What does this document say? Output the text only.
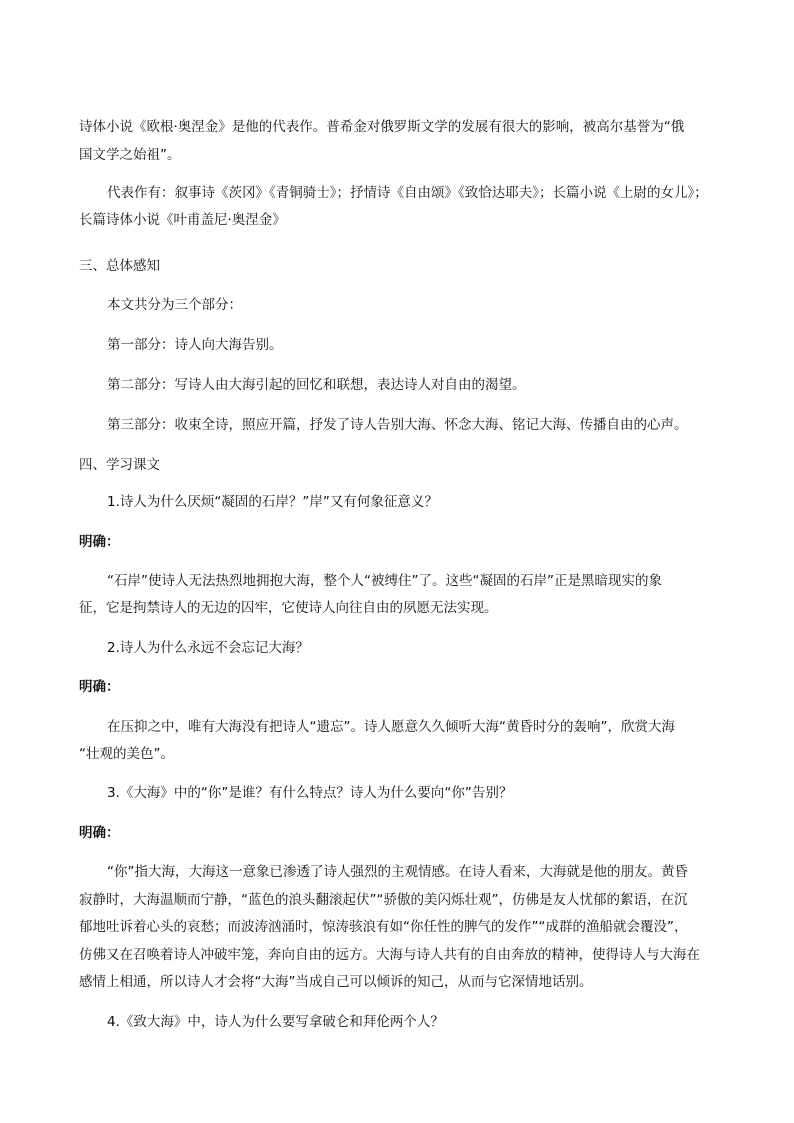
诗体小说《欧根·奥涅金》是他的代表作。普希金对俄罗斯文学的发展有很大的影响，被高尔基誉为“俄

国文学之始祖”。

代表作有：叙事诗《茨冈》《青铜骑士》；抒情诗《自由颂》《致恰达耶夫》；长篇小说《上尉的女儿》；

长篇诗体小说《叶甫盖尼·奥涅金》

三、总体感知

本文共分为三个部分：

第一部分：诗人向大海告别。

第二部分：写诗人由大海引起的回忆和联想，表达诗人对自由的渴望。

第三部分：收束全诗，照应开篇，抒发了诗人告别大海、怀念大海、铭记大海、传播自由的心声。

四、学习课文

1.诗人为什么厌烦“凝固的石岸？”岸”又有何象征意义？

明确：

“石岸”使诗人无法热烈地拥抱大海，整个人“被缚住”了。这些“凝固的石岸”正是黑暗现实的象

征，它是拘禁诗人的无边的囚牢，它使诗人向往自由的夙愿无法实现。

2.诗人为什么永远不会忘记大海？

明确：

在压抑之中，唯有大海没有把诗人“遗忘”。诗人愿意久久倾听大海“黄昏时分的轰响”，欣赏大海

“壮观的美色”。

3.《大海》中的“你”是谁？有什么特点？诗人为什么要向“你”告别？

明确：

“你”指大海，大海这一意象已渗透了诗人强烈的主观情感。在诗人看来，大海就是他的朋友。黄昏

寂静时，大海温顺而宁静，“蓝色的浪头翻滚起伏”“骄傲的美闪烁壮观”，仿佛是友人忧郁的絮语，在沉

郁地吐诉着心头的哀愁；而波涛汹涌时，惊涛骇浪有如“你任性的脾气的发作”“成群的渔船就会覆没”，

仿佛又在召唤着诗人冲破牢笼，奔向自由的远方。大海与诗人共有的自由奔放的精神，使得诗人与大海在

感情上相通，所以诗人才会将“大海”当成自己可以倾诉的知己，从而与它深情地话别。

4.《致大海》中，诗人为什么要写拿破仑和拜伦两个人？
